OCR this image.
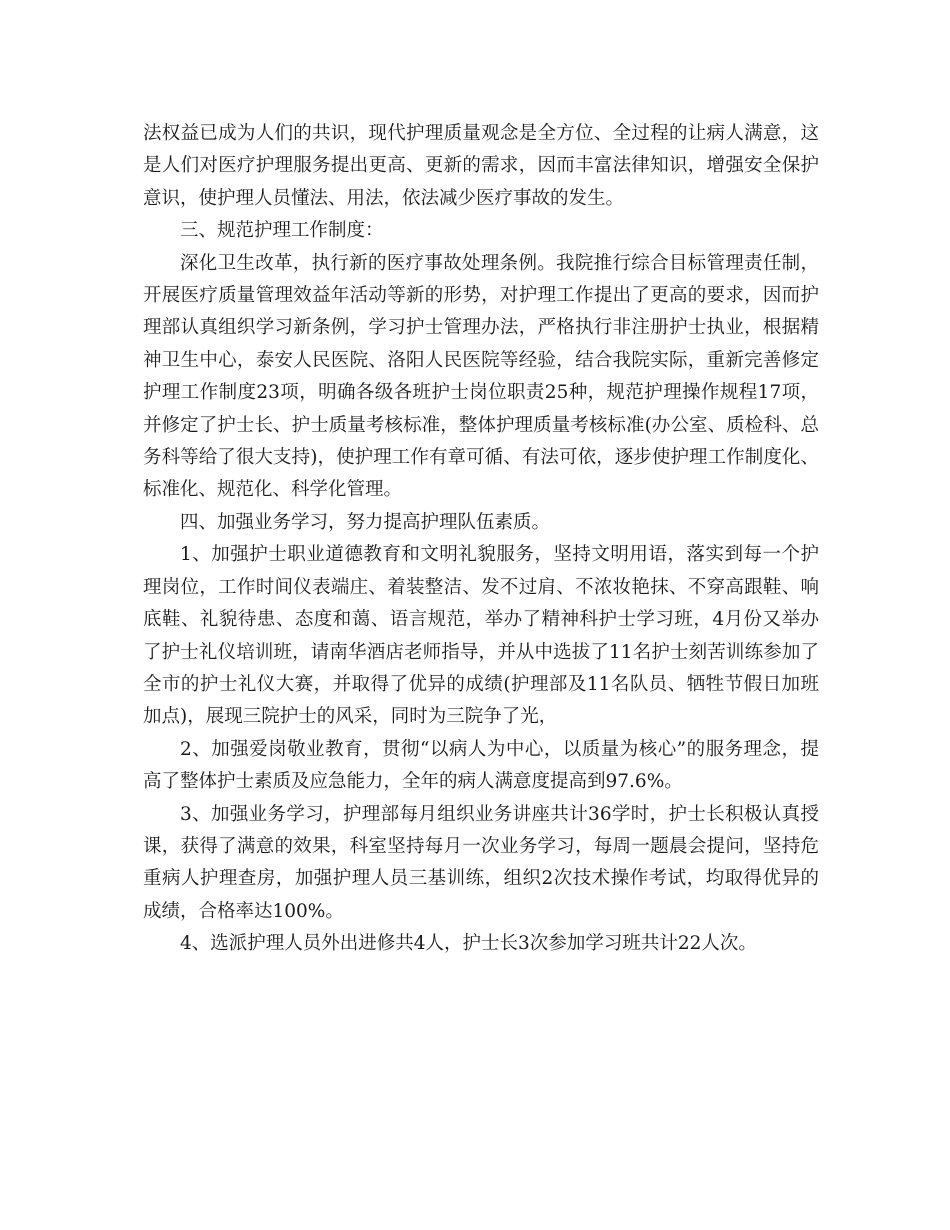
法权益已成为人们的共识，现代护理质量观念是全方位、全过程的让病人满意，这是人们对医疗护理服务提出更高、更新的需求，因而丰富法律知识，增强安全保护意识，使护理人员懂法、用法，依法减少医疗事故的发生。

三、规范护理工作制度：

深化卫生改革，执行新的医疗事故处理条例。我院推行综合目标管理责任制，开展医疗质量管理效益年活动等新的形势，对护理工作提出了更高的要求，因而护理部认真组织学习新条例，学习护士管理办法，严格执行非注册护士执业，根据精神卫生中心，泰安人民医院、洛阳人民医院等经验，结合我院实际，重新完善修定护理工作制度23项，明确各级各班护士岗位职责25种，规范护理操作规程17项，并修定了护士长、护士质量考核标准，整体护理质量考核标准(办公室、质检科、总务科等给了很大支持)，使护理工作有章可循、有法可依，逐步使护理工作制度化、标准化、规范化、科学化管理。

四、加强业务学习，努力提高护理队伍素质。

1、加强护士职业道德教育和文明礼貌服务，坚持文明用语，落实到每一个护理岗位，工作时间仪表端庄、着装整洁、发不过肩、不浓妆艳抹、不穿高跟鞋、响底鞋、礼貌待患、态度和蔼、语言规范，举办了精神科护士学习班，4月份又举办了护士礼仪培训班，请南华酒店老师指导，并从中选拔了11名护士刻苦训练参加了全市的护士礼仪大赛，并取得了优异的成绩(护理部及11名队员、牺牲节假日加班加点)，展现三院护士的风采，同时为三院争了光，

2、加强爱岗敬业教育，贯彻“以病人为中心，以质量为核心”的服务理念，提高了整体护士素质及应急能力，全年的病人满意度提高到97.6%。

3、加强业务学习，护理部每月组织业务讲座共计36学时，护士长积极认真授课，获得了满意的效果，科室坚持每月一次业务学习，每周一题晨会提问，坚持危重病人护理查房，加强护理人员三基训练，组织2次技术操作考试，均取得优异的成绩，合格率达100%。

4、选派护理人员外出进修共4人，护士长3次参加学习班共计22人次。
